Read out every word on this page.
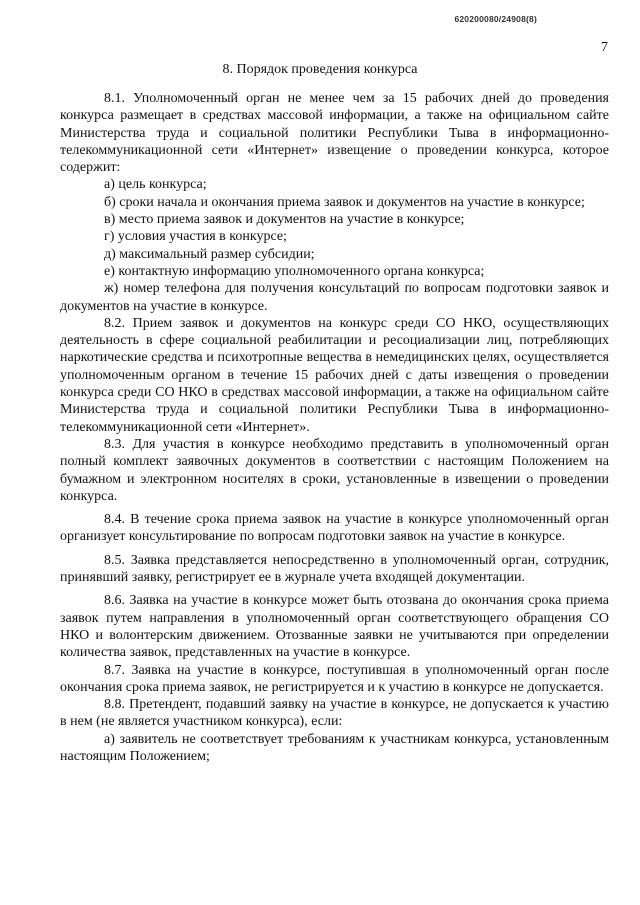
620200080/24908(8)
7
8. Порядок проведения конкурса

8.1. Уполномоченный орган не менее чем за 15 рабочих дней до проведения конкурса размещает в средствах массовой информации, а также на официальном сайте Министерства труда и социальной политики Республики Тыва в информационно-телекоммуникационной сети «Интернет» извещение о проведении конкурса, которое содержит:

а) цель конкурса;

б) сроки начала и окончания приема заявок и документов на участие в конкурсе;

в) место приема заявок и документов на участие в конкурсе;

г) условия участия в конкурсе;

д) максимальный размер субсидии;

е) контактную информацию уполномоченного органа конкурса;

ж) номер телефона для получения консультаций по вопросам подготовки заявок и документов на участие в конкурсе.

8.2. Прием заявок и документов на конкурс среди СО НКО, осуществляющих деятельность в сфере социальной реабилитации и ресоциализации лиц, потребляющих наркотические средства и психотропные вещества в немедицинских целях, осуществляется уполномоченным органом в течение 15 рабочих дней с даты извещения о проведении конкурса среди СО НКО в средствах массовой информации, а также на официальном сайте Министерства труда и социальной политики Республики Тыва в информационно-телекоммуникационной сети «Интернет».

8.3. Для участия в конкурсе необходимо представить в уполномоченный орган полный комплект заявочных документов в соответствии с настоящим Положением на бумажном и электронном носителях в сроки, установленные в извещении о проведении конкурса.

8.4. В течение срока приема заявок на участие в конкурсе уполномоченный орган организует консультирование по вопросам подготовки заявок на участие в конкурсе.

8.5. Заявка представляется непосредственно в уполномоченный орган, сотрудник, принявший заявку, регистрирует ее в журнале учета входящей документации.

8.6. Заявка на участие в конкурсе может быть отозвана до окончания срока приема заявок путем направления в уполномоченный орган соответствующего обращения СО НКО и волонтерским движением. Отозванные заявки не учитываются при определении количества заявок, представленных на участие в конкурсе.

8.7. Заявка на участие в конкурсе, поступившая в уполномоченный орган после окончания срока приема заявок, не регистрируется и к участию в конкурсе не допускается.

8.8. Претендент, подавший заявку на участие в конкурсе, не допускается к участию в нем (не является участником конкурса), если:

а) заявитель не соответствует требованиям к участникам конкурса, установленным настоящим Положением;
